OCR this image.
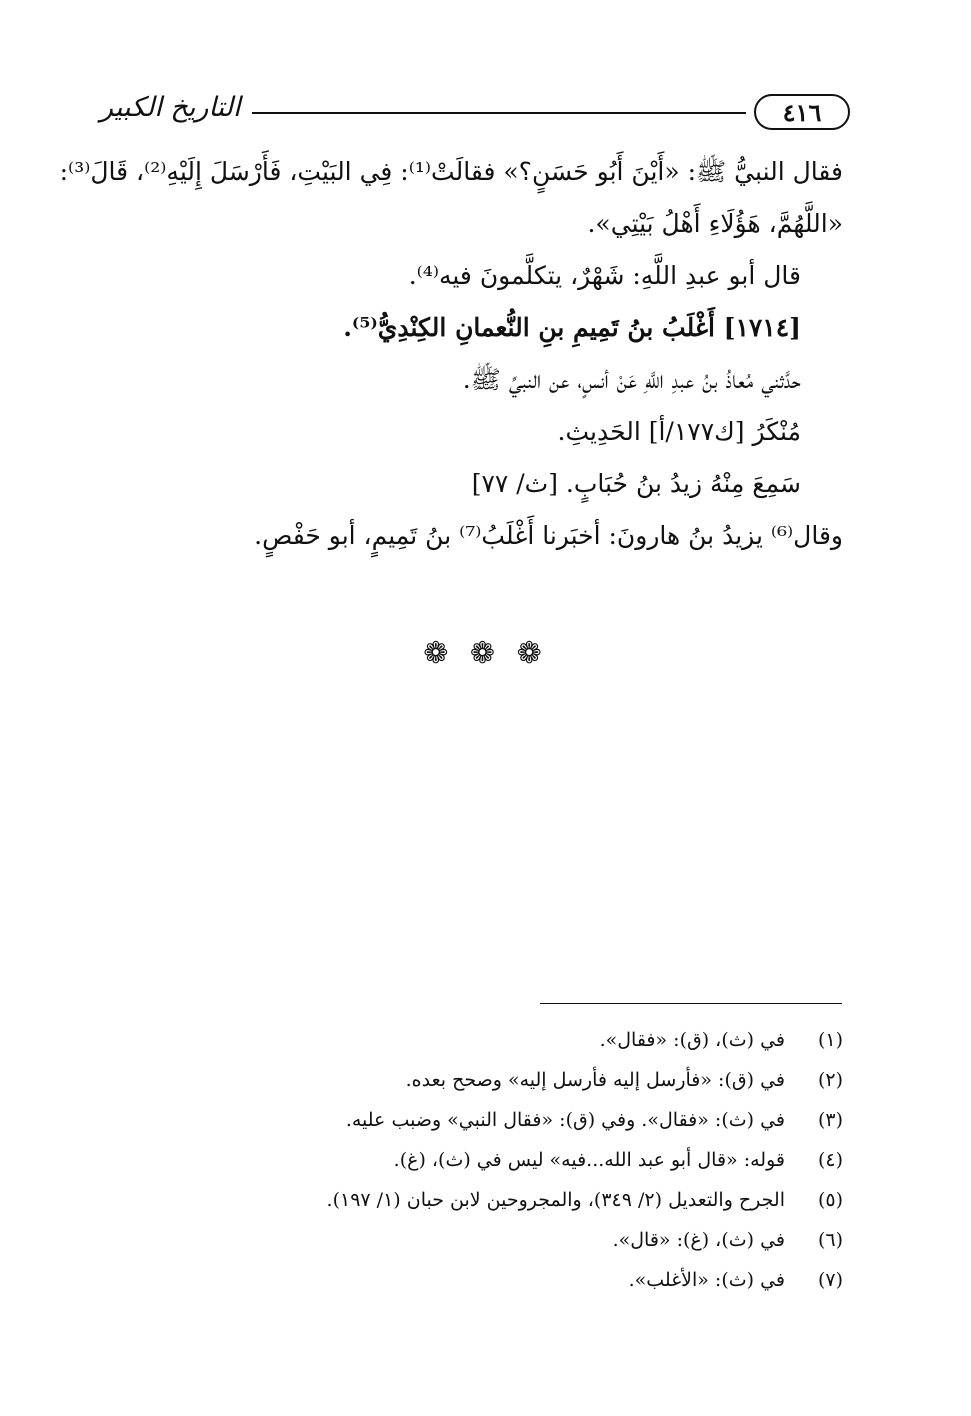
التاريخ الكبير	٤١٦
فقال النبيُّ ﷺ: «أَيْنَ أَبُو حَسَنٍ؟» فقالَتْ⁽¹⁾: فِي البَيْتِ، فَأَرْسَلَ إِلَيْهِ⁽²⁾، قَالَ⁽³⁾:
«اللَّهُمَّ، هَؤُلَاءِ أَهْلُ بَيْتِي».
قال أبو عبدِ اللَّهِ: شَهْرٌ، يتكلَّمونَ فيه⁽⁴⁾.
[١٧١٤] أَغْلَبُ بنُ تَمِيمِ بنِ النُّعمانِ الكِنْدِيُّ⁽⁵⁾.
حدَّثني مُعاذُ بنُ عبدِ اللَّهِ عَنْ أنسٍ، عن النبيِّ ﷺ.
مُنْكَرُ [ك١٧٧/أ] الحَدِيثِ.
سَمِعَ مِنْهُ زيدُ بنُ حُبَابٍ. [ث/ ٧٧]
وقال⁽⁶⁾ يزيدُ بنُ هارونَ: أخبَرنا أَغْلَبُ⁽⁷⁾ بنُ تَمِيمٍ، أبو حَفْصٍ.
❁ ❁ ❁
(١)في (ث)، (ق): «فقال».
(٢)في (ق): «فأرسل إليه فأرسل إليه» وصحح بعده.
(٣)في (ث): «فقال». وفي (ق): «فقال النبي» وضبب عليه.
(٤)قوله: «قال أبو عبد الله...فيه» ليس في (ث)، (غ).
(٥)الجرح والتعديل (٢/ ٣٤٩)، والمجروحين لابن حبان (١/ ١٩٧).
(٦)في (ث)، (غ): «قال».
(٧)في (ث): «الأغلب».
